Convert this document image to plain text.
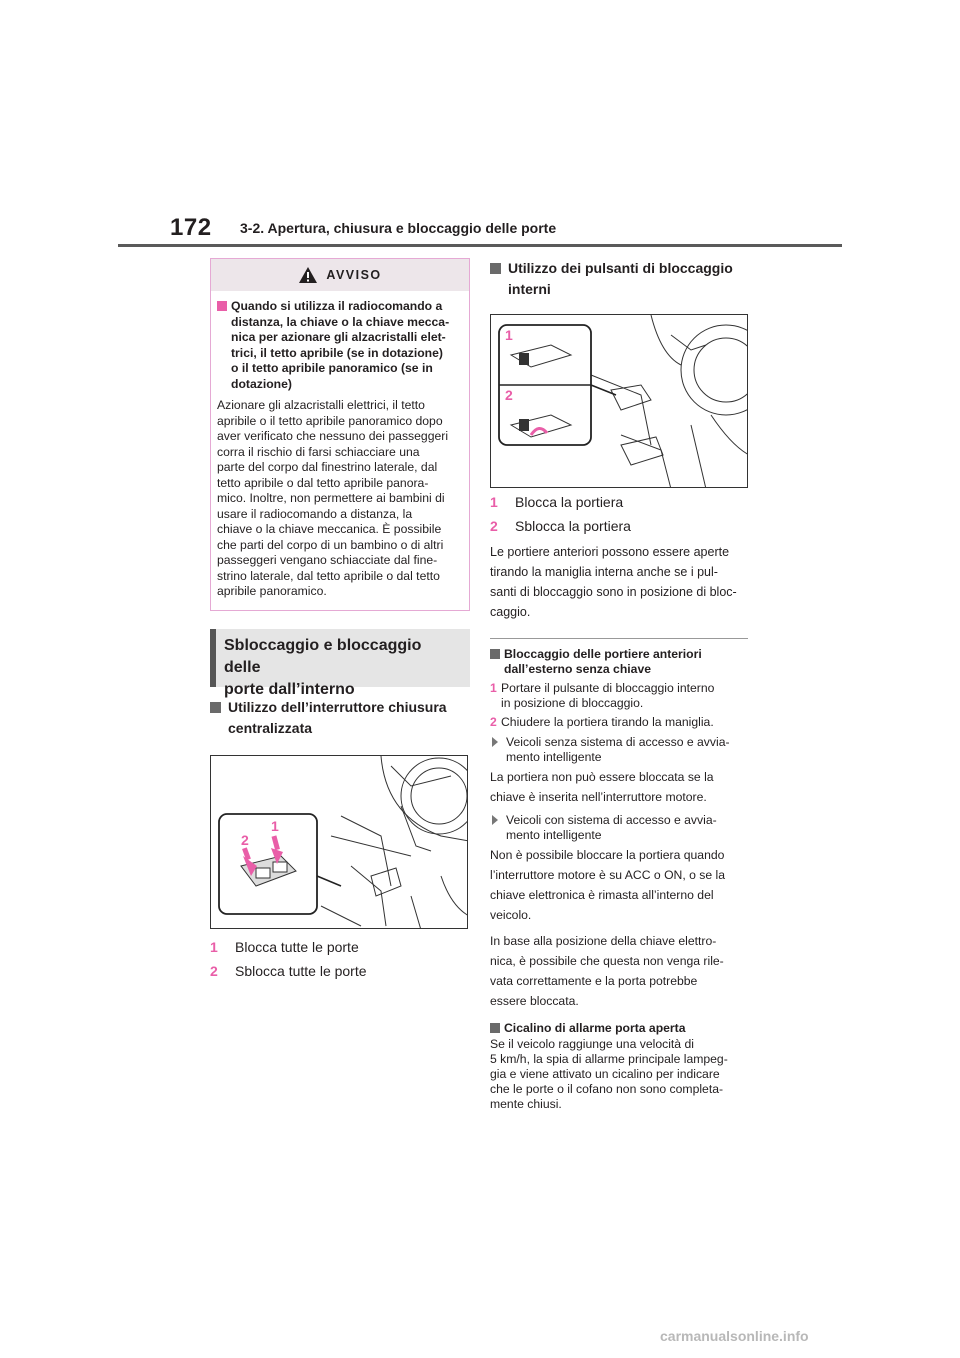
172 3-2. Apertura, chiusura e bloccaggio delle porte
AVVISO
Quando si utilizza il radiocomando a
distanza, la chiave o la chiave mecca-
nica per azionare gli alzacristalli elet-
trici, il tetto apribile (se in dotazione)
o il tetto apribile panoramico (se in
dotazione)
Azionare gli alzacristalli elettrici, il tetto
apribile o il tetto apribile panoramico dopo
aver verificato che nessuno dei passeggeri
corra il rischio di farsi schiacciare una
parte del corpo dal finestrino laterale, dal
tetto apribile o dal tetto apribile panora-
mico. Inoltre, non permettere ai bambini di
usare il radiocomando a distanza, la
chiave o la chiave meccanica. È possibile
che parti del corpo di un bambino o di altri
passeggeri vengano schiacciate dal fine-
strino laterale, dal tetto apribile o dal tetto
apribile panoramico.
Sbloccaggio e bloccaggio delle
porte dall’interno
Utilizzo dell’interruttore chiusura
centralizzata
2
1
1	Blocca tutte le porte
2	Sblocca tutte le porte
Utilizzo dei pulsanti di bloccaggio
interni
1
2
1	Blocca la portiera
2	Sblocca la portiera
Le portiere anteriori possono essere aperte
tirando la maniglia interna anche se i pul-
santi di bloccaggio sono in posizione di bloc-
caggio.
Bloccaggio delle portiere anteriori
dall’esterno senza chiave
1 Portare il pulsante di bloccaggio interno
in posizione di bloccaggio.
2 Chiudere la portiera tirando la maniglia.
Veicoli senza sistema di accesso e avvia-
mento intelligente
La portiera non può essere bloccata se la
chiave è inserita nell’interruttore motore.
Veicoli con sistema di accesso e avvia-
mento intelligente
Non è possibile bloccare la portiera quando
l’interruttore motore è su ACC o ON, o se la
chiave elettronica è rimasta all’interno del
veicolo.
In base alla posizione della chiave elettro-
nica, è possibile che questa non venga rile-
vata correttamente e la porta potrebbe
essere bloccata.
Cicalino di allarme porta aperta
Se il veicolo raggiunge una velocità di
5 km/h, la spia di allarme principale lampeg-
gia e viene attivato un cicalino per indicare
che le porte o il cofano non sono completa-
mente chiusi.
carmanualsonline.info
